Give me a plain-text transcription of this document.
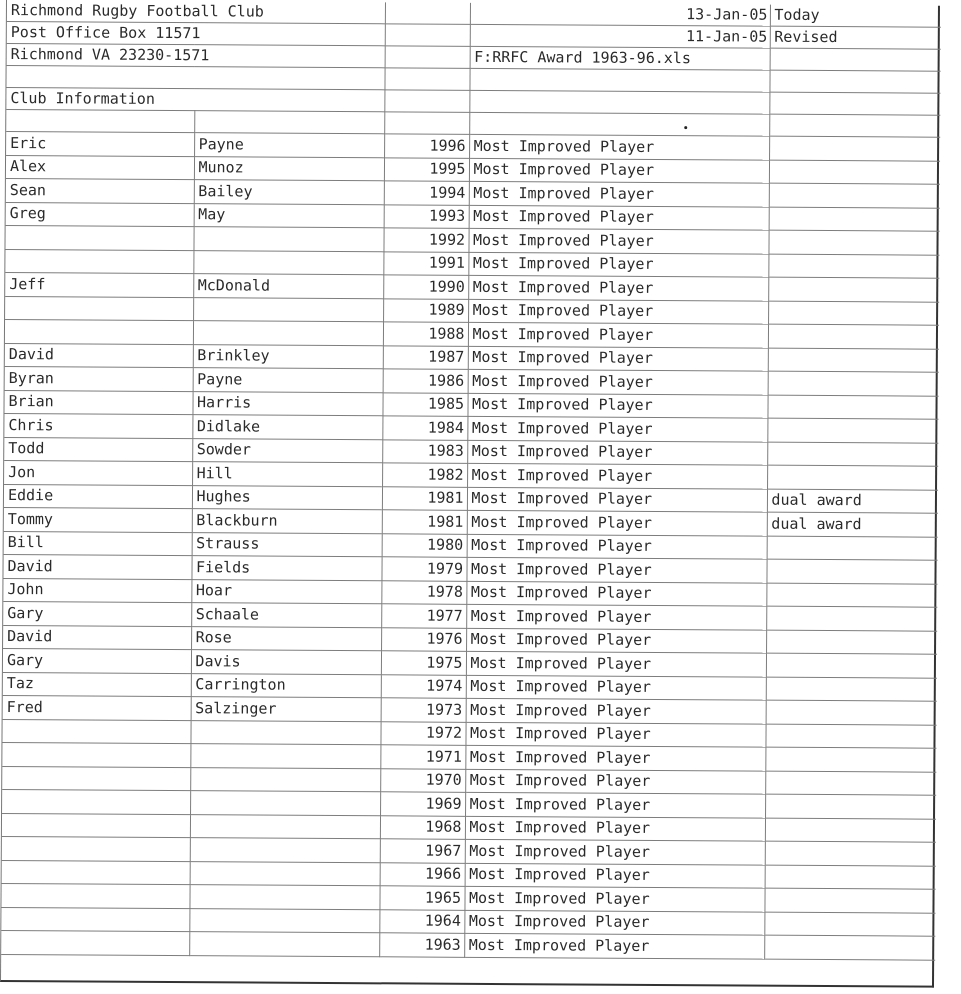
Richmond Rugby Football Club			13-Jan-05	Today
Post Office Box 11571			11-Jan-05	Revised
Richmond VA 23230-1571			F:RRFC Award 1963-96.xls	

Club Information				

Eric	Payne	1996	Most Improved Player	
Alex	Munoz	1995	Most Improved Player	
Sean	Bailey	1994	Most Improved Player	
Greg	May	1993	Most Improved Player	
		1992	Most Improved Player	
		1991	Most Improved Player	
Jeff	McDonald	1990	Most Improved Player	
		1989	Most Improved Player	
		1988	Most Improved Player	
David	Brinkley	1987	Most Improved Player	
Byran	Payne	1986	Most Improved Player	
Brian	Harris	1985	Most Improved Player	
Chris	Didlake	1984	Most Improved Player	
Todd	Sowder	1983	Most Improved Player	
Jon	Hill	1982	Most Improved Player	
Eddie	Hughes	1981	Most Improved Player	dual award
Tommy	Blackburn	1981	Most Improved Player	dual award
Bill	Strauss	1980	Most Improved Player	
David	Fields	1979	Most Improved Player	
John	Hoar	1978	Most Improved Player	
Gary	Schaale	1977	Most Improved Player	
David	Rose	1976	Most Improved Player	
Gary	Davis	1975	Most Improved Player	
Taz	Carrington	1974	Most Improved Player	
Fred	Salzinger	1973	Most Improved Player	
		1972	Most Improved Player	
		1971	Most Improved Player	
		1970	Most Improved Player	
		1969	Most Improved Player	
		1968	Most Improved Player	
		1967	Most Improved Player	
		1966	Most Improved Player	
		1965	Most Improved Player	
		1964	Most Improved Player	
		1963	Most Improved Player	
